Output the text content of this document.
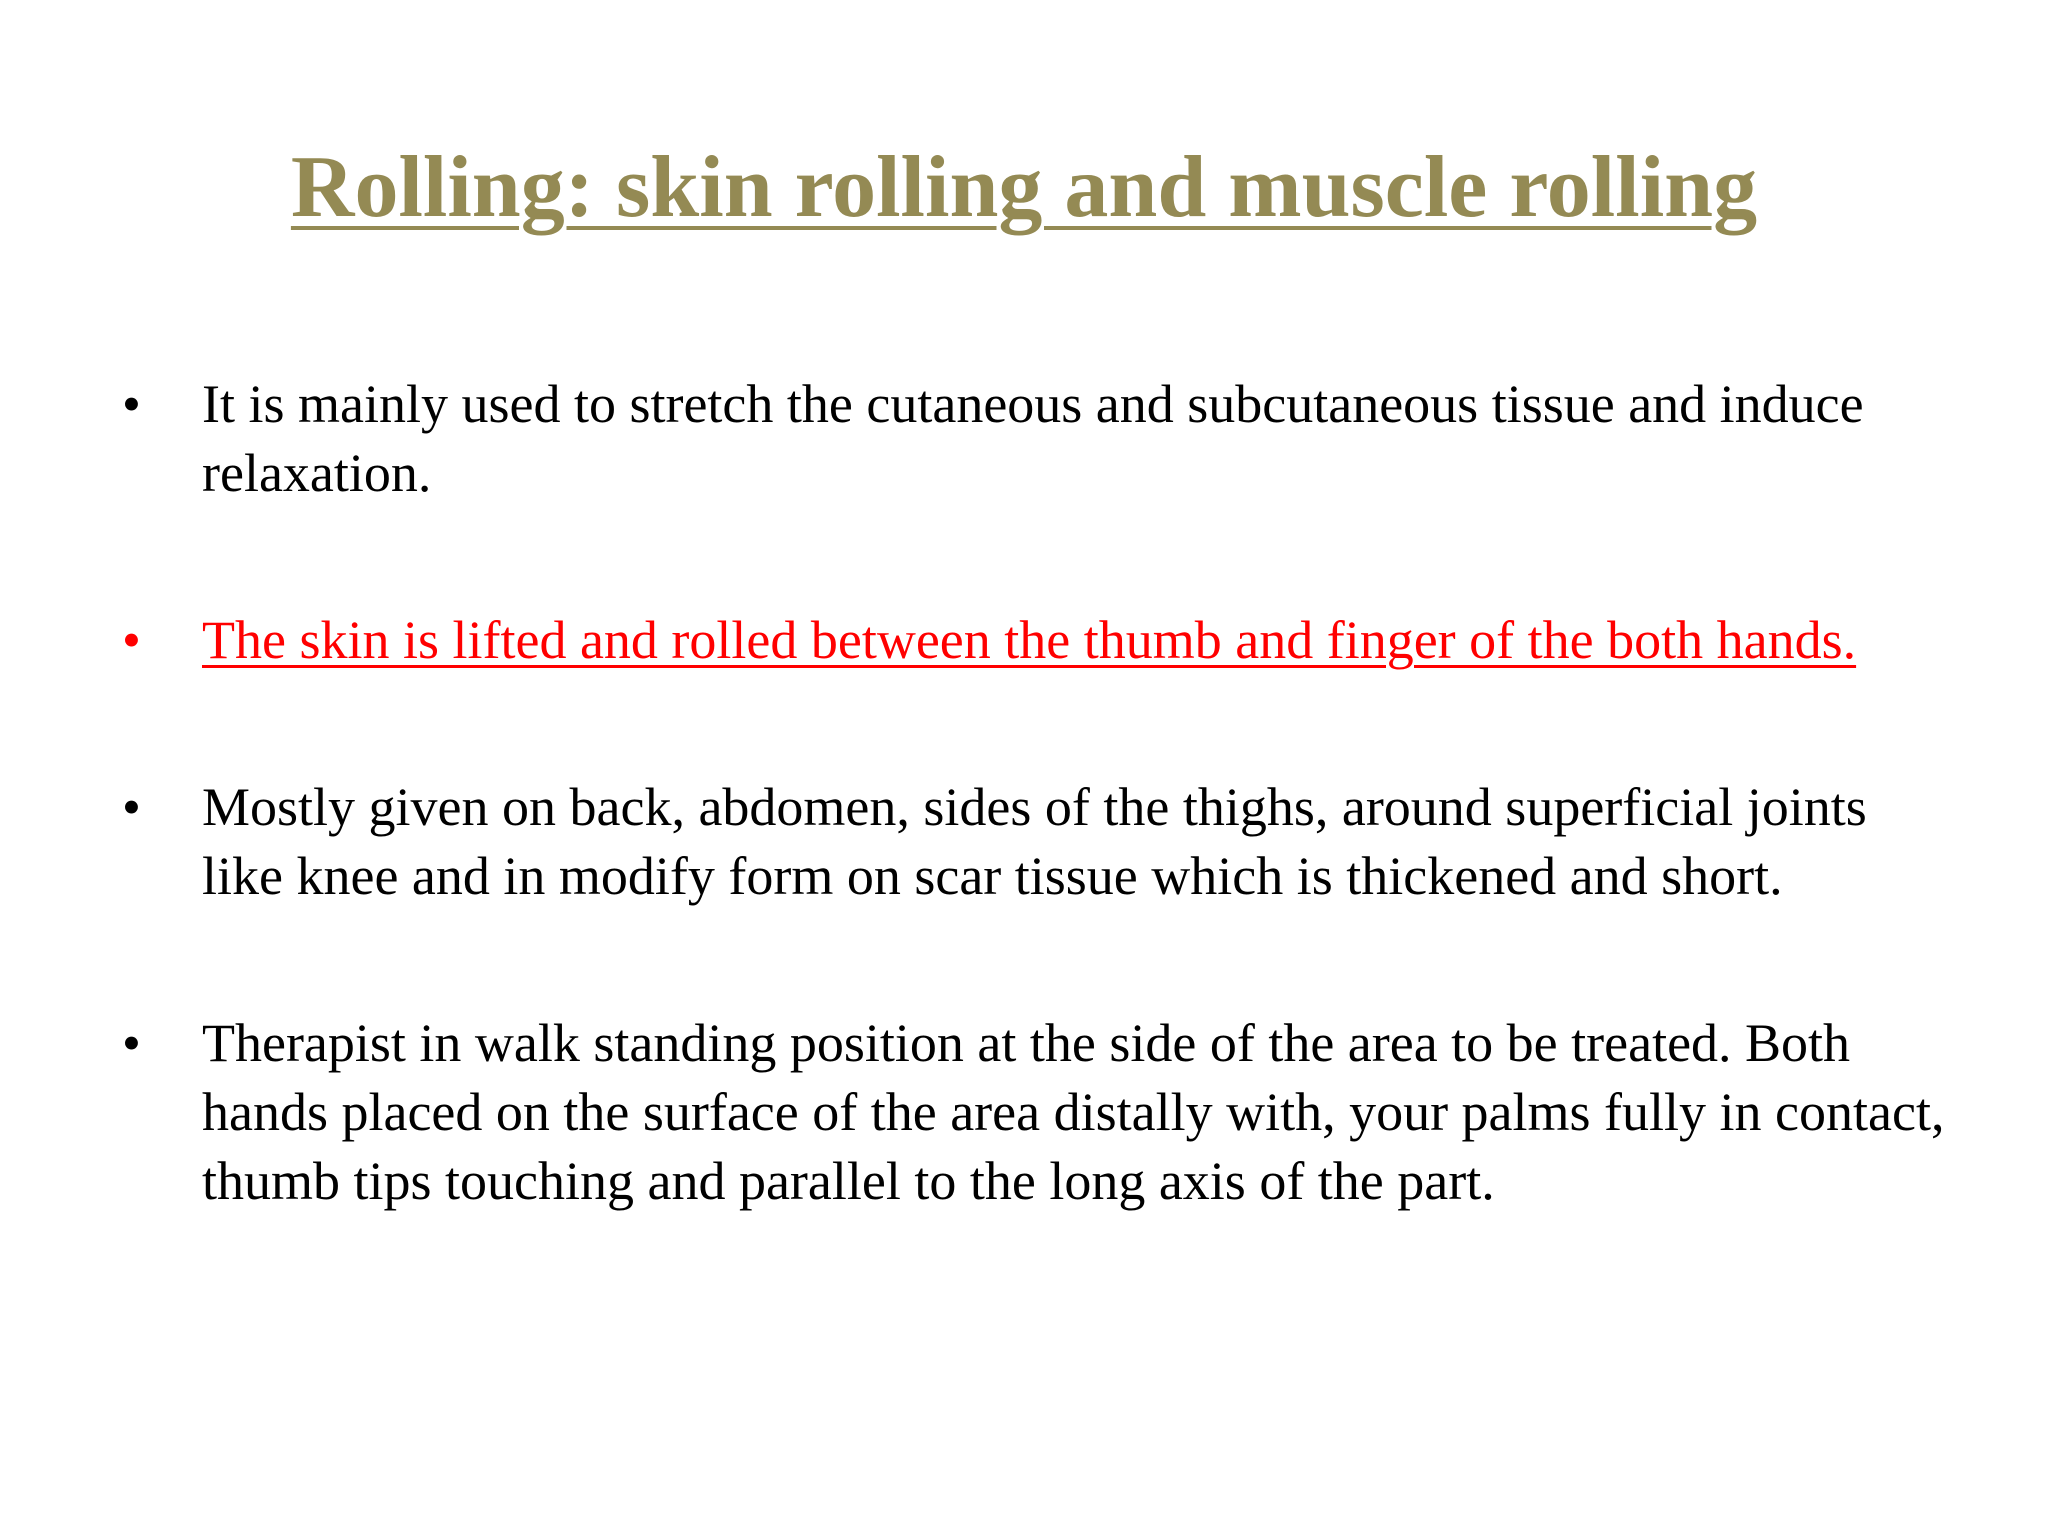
Rolling: skin rolling and muscle rolling
• It is mainly used to stretch the cutaneous and subcutaneous tissue and induce relaxation.
• The skin is lifted and rolled between the thumb and finger of the both hands.
• Mostly given on back, abdomen, sides of the thighs, around superficial joints like knee and in modify form on scar tissue which is thickened and short.
• Therapist in walk standing position at the side of the area to be treated. Both hands placed on the surface of the area distally with, your palms fully in contact, thumb tips touching and parallel to the long axis of the part.
